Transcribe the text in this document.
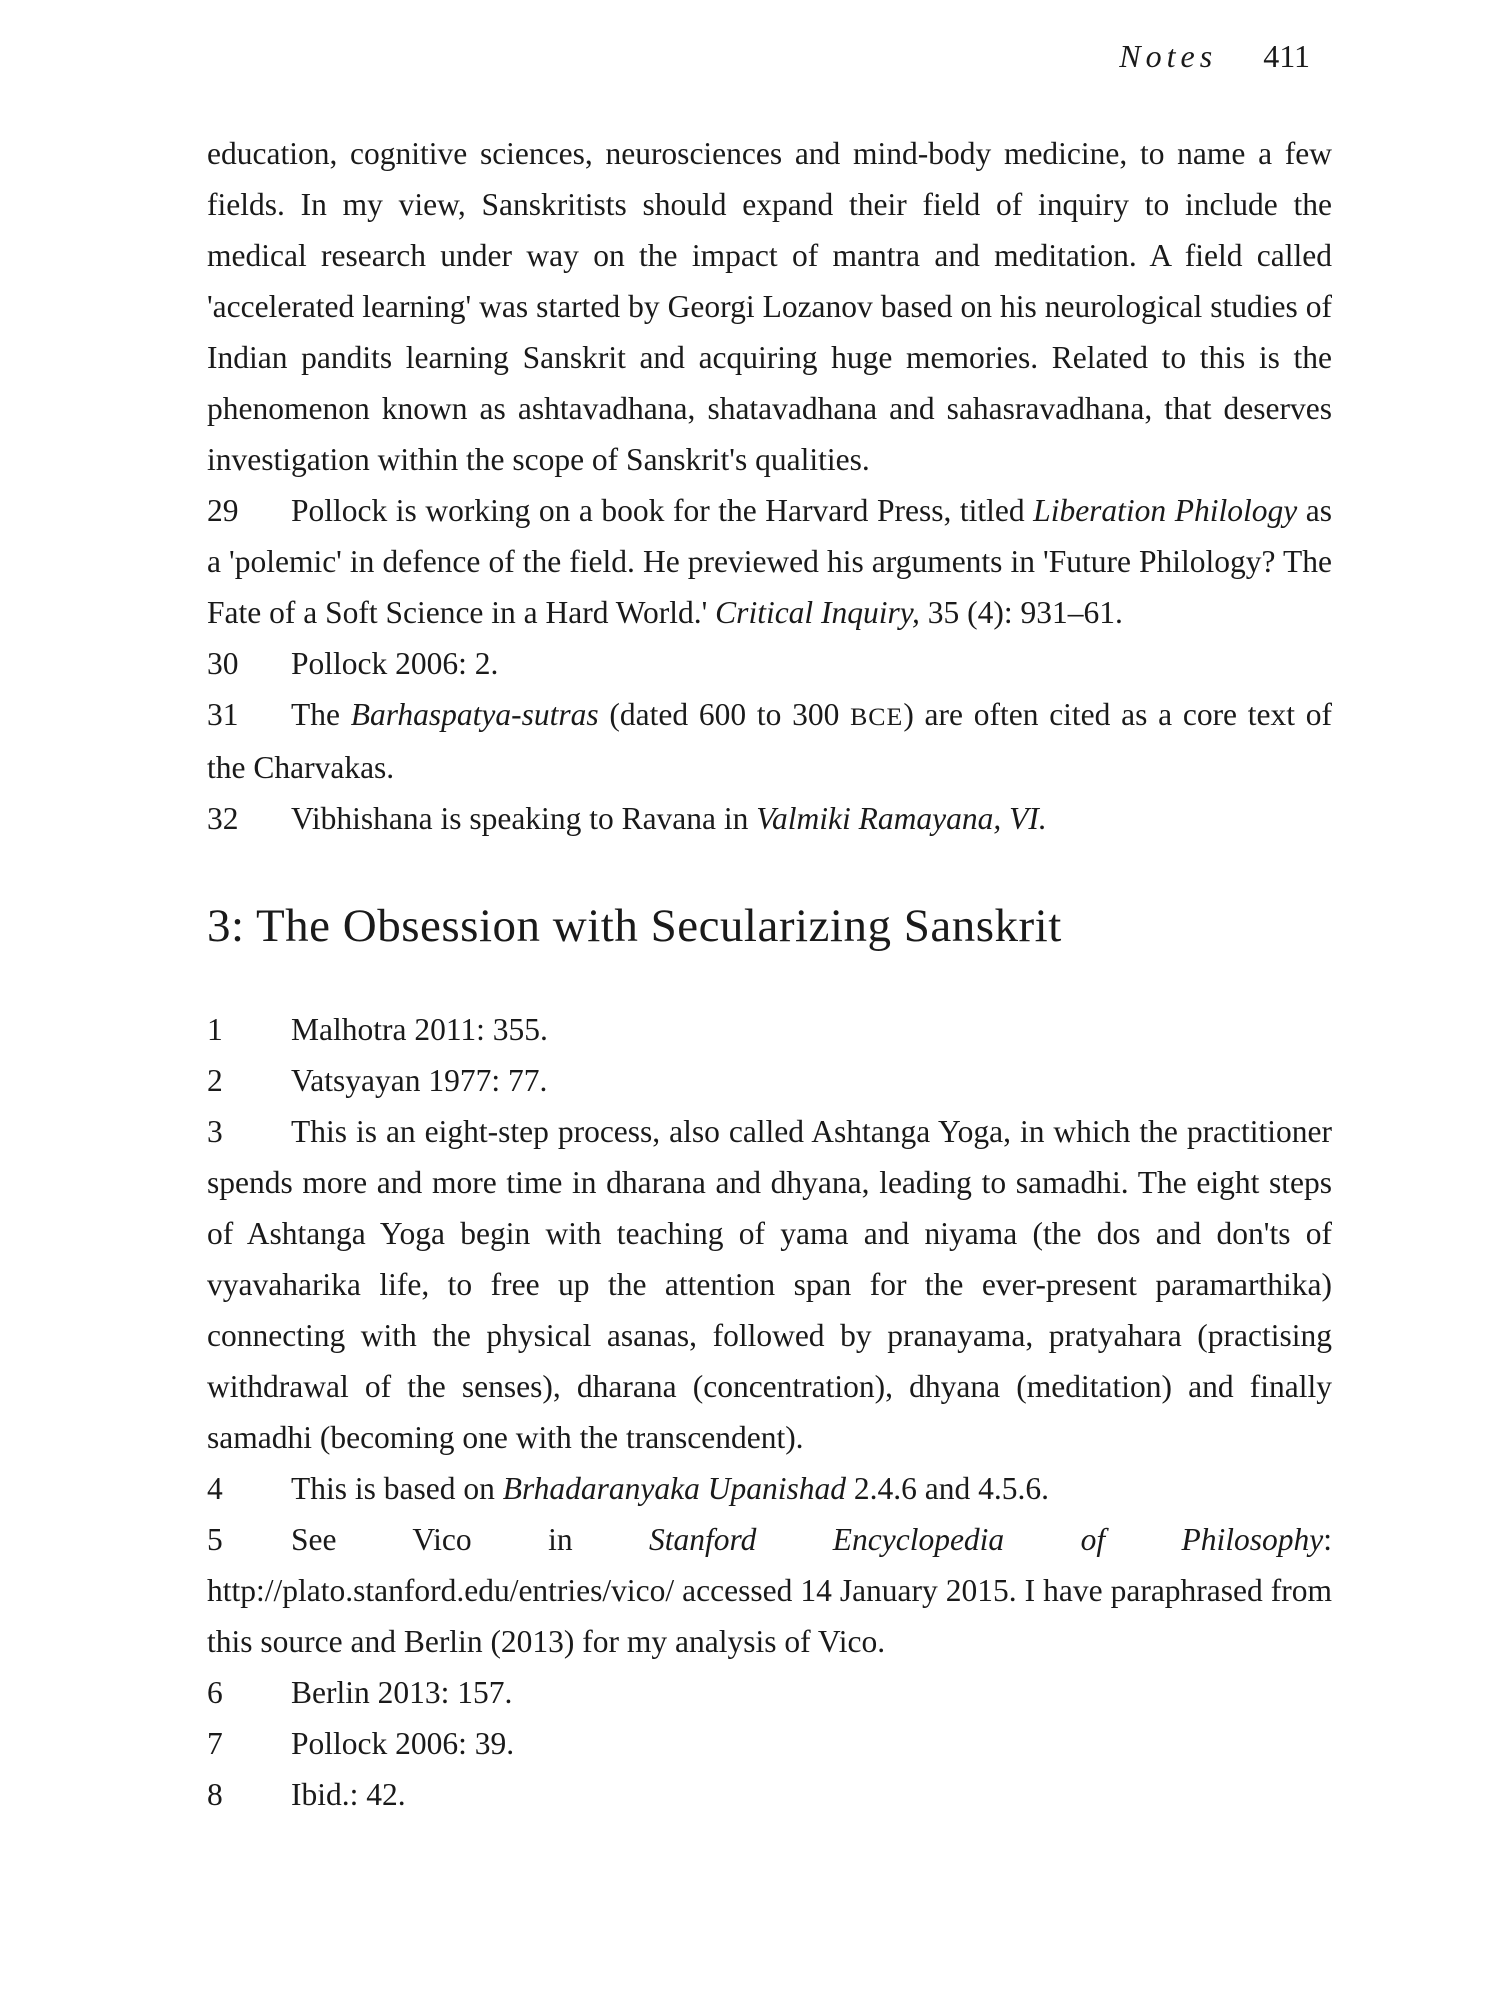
Notes 411

education, cognitive sciences, neurosciences and mind-body medicine, to name a few fields. In my view, Sanskritists should expand their field of inquiry to include the medical research under way on the impact of mantra and meditation. A field called 'accelerated learning' was started by Georgi Lozanov based on his neurological studies of Indian pandits learning Sanskrit and acquiring huge memories. Related to this is the phenomenon known as ashtavadhana, shatavadhana and sahasravadhana, that deserves investigation within the scope of Sanskrit's qualities.

29 Pollock is working on a book for the Harvard Press, titled Liberation Philology as a 'polemic' in defence of the field. He previewed his arguments in 'Future Philology? The Fate of a Soft Science in a Hard World.' Critical Inquiry, 35 (4): 931–61.

30 Pollock 2006: 2.

31 The Barhaspatya-sutras (dated 600 to 300 BCE) are often cited as a core text of the Charvakas.

32 Vibhishana is speaking to Ravana in Valmiki Ramayana, VI.

3: The Obsession with Secularizing Sanskrit

1 Malhotra 2011: 355.

2 Vatsyayan 1977: 77.

3 This is an eight-step process, also called Ashtanga Yoga, in which the practitioner spends more and more time in dharana and dhyana, leading to samadhi. The eight steps of Ashtanga Yoga begin with teaching of yama and niyama (the dos and don'ts of vyavaharika life, to free up the attention span for the ever-present paramarthika) connecting with the physical asanas, followed by pranayama, pratyahara (practising withdrawal of the senses), dharana (concentration), dhyana (meditation) and finally samadhi (becoming one with the transcendent).

4 This is based on Brhadaranyaka Upanishad 2.4.6 and 4.5.6.

5 See Vico in Stanford Encyclopedia of Philosophy: http://plato.stanford.edu/entries/vico/ accessed 14 January 2015. I have paraphrased from this source and Berlin (2013) for my analysis of Vico.

6 Berlin 2013: 157.

7 Pollock 2006: 39.

8 Ibid.: 42.
